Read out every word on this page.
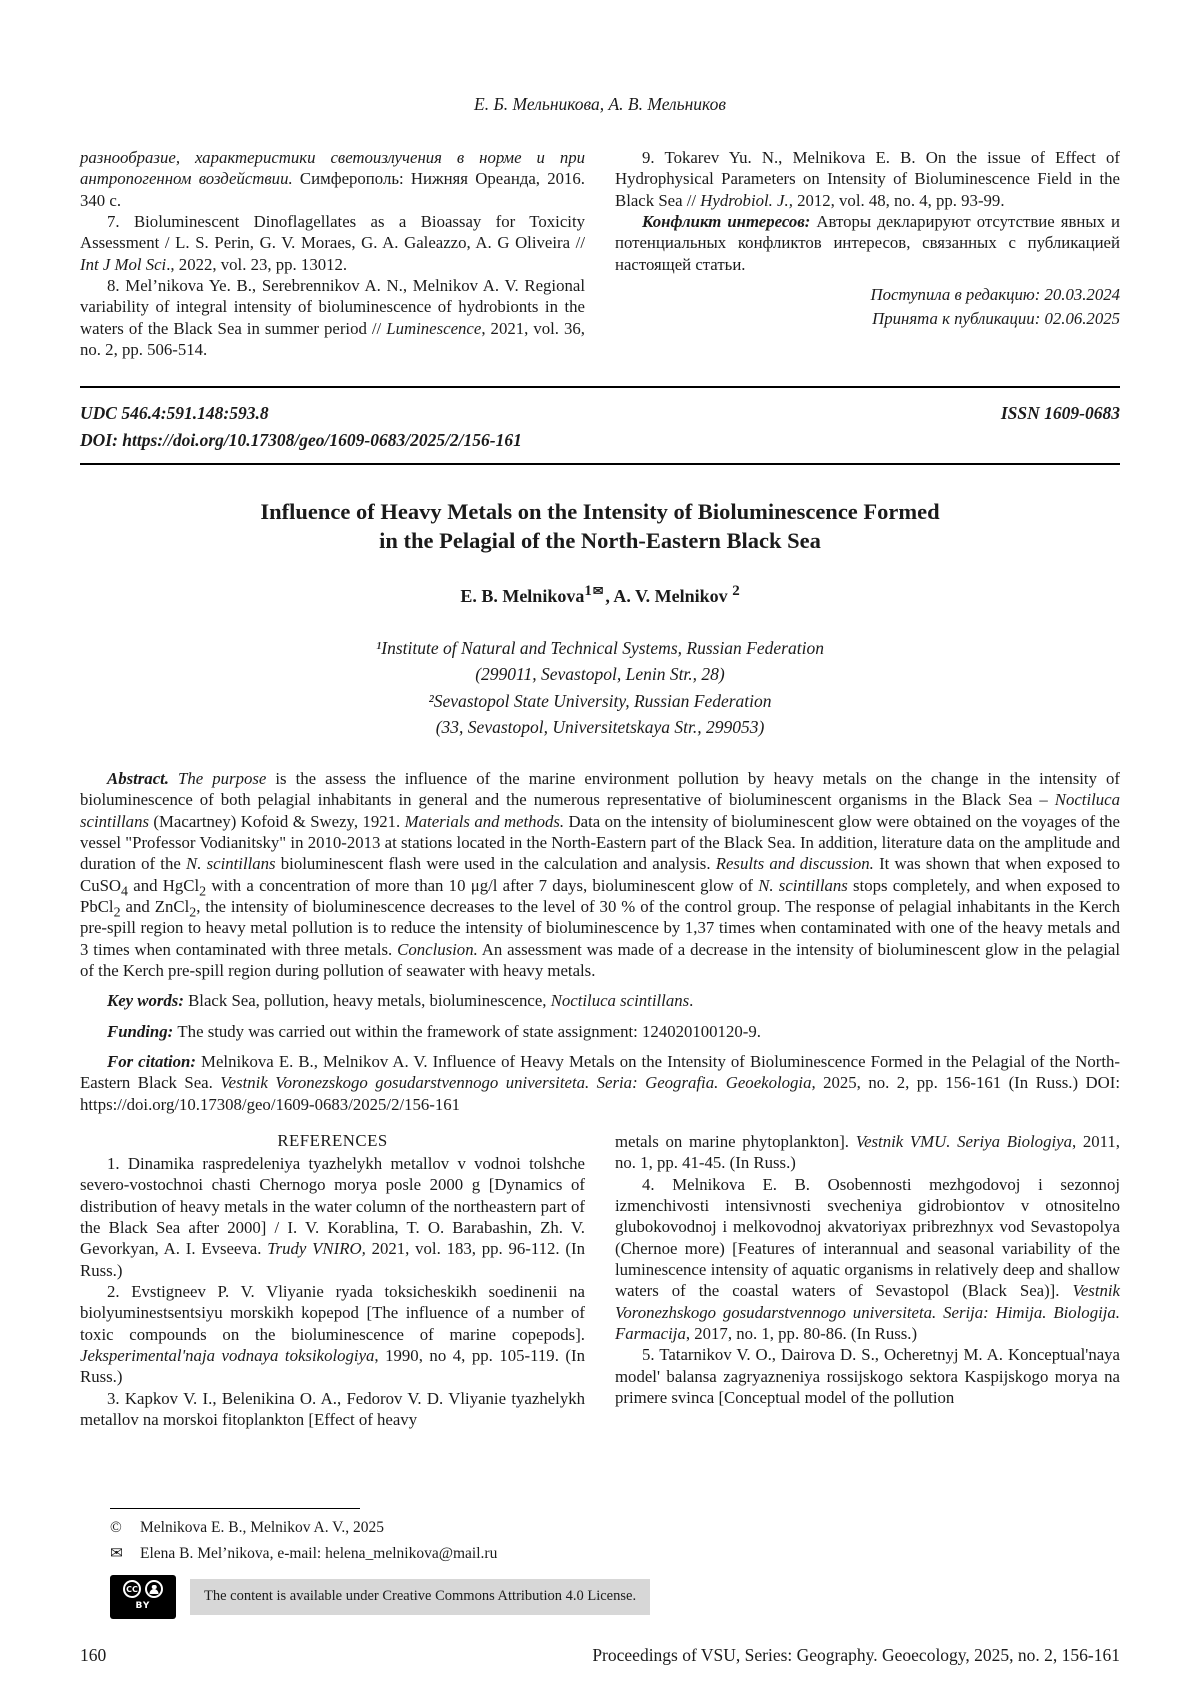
Е. Б. Мельникова, А. В. Мельников

разнообразие, характеристики светоизлучения в норме и при антропогенном воздействии. Симферополь: Нижняя Ореанда, 2016. 340 с.

7. Bioluminescent Dinoflagellates as a Bioassay for Toxicity Assessment / L. S. Perin, G. V. Moraes, G. A. Galeazzo, A. G Oliveira // Int J Mol Sci., 2022, vol. 23, pp. 13012.

8. Mel’nikova Ye. B., Serebrennikov A. N., Melnikov A. V. Regional variability of integral intensity of bioluminescence of hydrobionts in the waters of the Black Sea in summer period // Luminescence, 2021, vol. 36, no. 2, pp. 506-514.

9. Tokarev Yu. N., Melnikova E. B. On the issue of Effect of Hydrophysical Parameters on Intensity of Bioluminescence Field in the Black Sea // Hydrobiol. J., 2012, vol. 48, no. 4, pp. 93-99.

Конфликт интересов: Авторы декларируют отсутствие явных и потенциальных конфликтов интересов, связанных с публикацией настоящей статьи.

Поступила в редакцию: 20.03.2024

Принята к публикации: 02.06.2025

UDC 546.4:591.148:593.8	ISSN 1609-0683
DOI: https://doi.org/10.17308/geo/1609-0683/2025/2/156-161
Influence of Heavy Metals on the Intensity of Bioluminescence Formed
in the Pelagial of the North-Eastern Black Sea

E. B. Melnikova$^{1✉}$ , A. V. Melnikov $^2$

¹Institute of Natural and Technical Systems, Russian Federation

(299011, Sevastopol, Lenin Str., 28)

²Sevastopol State University, Russian Federation

(33, Sevastopol, Universitetskaya Str., 299053)

Abstract. The purpose is the assess the influence of the marine environment pollution by heavy metals on the change in the intensity of bioluminescence of both pelagial inhabitants in general and the numerous representative of bioluminescent organisms in the Black Sea – Noctiluca scintillans (Macartney) Kofoid & Swezy, 1921. Materials and methods. Data on the intensity of bioluminescent glow were obtained on the voyages of the vessel "Professor Vodianitsky" in 2010-2013 at stations located in the North-Eastern part of the Black Sea. In addition, literature data on the amplitude and duration of the N. scintillans bioluminescent flash were used in the calculation and analysis. Results and discussion. It was shown that when exposed to CuSO$_4$ and HgCl$_2$ with a concentration of more than 10 μg/l after 7 days, bioluminescent glow of N. scintillans stops completely, and when exposed to PbCl$_2$ and ZnCl$_2$, the intensity of bioluminescence decreases to the level of 30 % of the control group. The response of pelagial inhabitants in the Kerch pre-spill region to heavy metal pollution is to reduce the intensity of bioluminescence by 1,37 times when contaminated with one of the heavy metals and 3 times when contaminated with three metals. Conclusion. An assessment was made of a decrease in the intensity of bioluminescent glow in the pelagial of the Kerch pre-spill region during pollution of seawater with heavy metals.

Key words: Black Sea, pollution, heavy metals, bioluminescence, Noctiluca scintillans.

Funding: The study was carried out within the framework of state assignment: 124020100120-9.

For citation: Melnikova E. B., Melnikov A. V. Influence of Heavy Metals on the Intensity of Bioluminescence Formed in the Pelagial of the North-Eastern Black Sea. Vestnik Voronezskogo gosudarstvennogo universiteta. Seria: Geografia. Geoekologia, 2025, no. 2, pp. 156-161 (In Russ.) DOI: https://doi.org/10.17308/geo/1609-0683/2025/2/156-161

REFERENCES

1. Dinamika raspredeleniya tyazhelykh metallov v vodnoi tolshche severo-vostochnoi chasti Chernogo morya posle 2000 g [Dynamics of distribution of heavy metals in the water column of the northeastern part of the Black Sea after 2000] / I. V. Korablina, T. O. Barabashin, Zh. V. Gevorkyan, A. I. Evseeva. Trudy VNIRO, 2021, vol. 183, pp. 96-112. (In Russ.)

2. Evstigneev P. V. Vliyanie ryada toksicheskikh soedinenii na biolyuminestsentsiyu morskikh kopepod [The influence of a number of toxic compounds on the bioluminescence of marine copepods]. Jeksperimental'naja vodnaya toksikologiya, 1990, no 4, pp. 105-119. (In Russ.)

3. Kapkov V. I., Belenikina O. A., Fedorov V. D. Vliyanie tyazhelykh metallov na morskoi fitoplankton [Effect of heavy

metals on marine phytoplankton]. Vestnik VMU. Seriya Biologiya, 2011, no. 1, pp. 41-45. (In Russ.)

4. Melnikova E. B. Osobennosti mezhgodovoj i sezonnoj izmenchivosti intensivnosti svecheniya gidrobiontov v otnositelno glubokovodnoj i melkovodnoj akvatoriyax pribrezhnyx vod Sevastopolya (Chernoe more) [Features of interannual and seasonal variability of the luminescence intensity of aquatic organisms in relatively deep and shallow waters of the coastal waters of Sevastopol (Black Sea)]. Vestnik Voronezhskogo gosudarstvennogo universiteta. Serija: Himija. Biologija. Farmacija, 2017, no. 1, pp. 80-86. (In Russ.)

5. Tatarnikov V. O., Dairova D. S., Ocheretnyj M. A. Konceptual'naya model' balansa zagryazneniya rossijskogo sektora Kaspijskogo morya na primere svinca [Conceptual model of the pollution

©	Melnikova E. B., Melnikov A. V., 2025

✉	Elena B. Mel’nikova, e-mail: helena_melnikova@mail.ru

CC
BY
The content is available under Creative Commons Attribution 4.0 License.
160	Proceedings of VSU, Series: Geography. Geoecology, 2025, no. 2, 156-161
